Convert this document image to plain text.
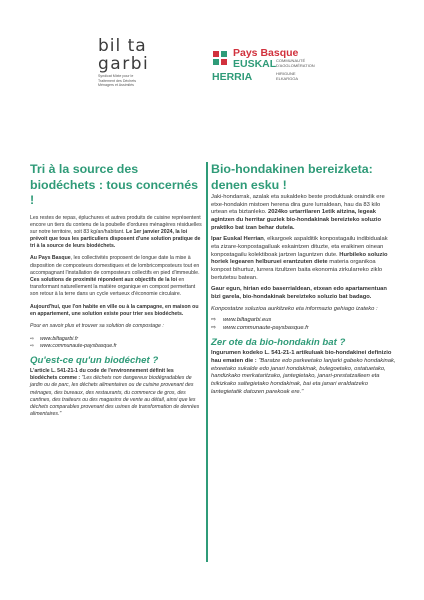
bil ta
garbi
Syndicat Mixte pour le
Traitement des Déchets
Ménagers et Assimilés
Pays Basque
EUSKAL
HERRIA
COMMUNAUTÉ
D'AGGLOMÉRATION
HIRIGUNE
ELKARGOA
Tri à la source des biodéchets : tous concernés !

Les restes de repas, épluchures et autres produits de cuisine représentent encore un tiers du contenu de la poubelle d'ordures ménagères résiduelles sur notre territoire, soit 83 kg/an/habitant. Le 1er janvier 2024, la loi prévoit que tous les particuliers disposent d'une solution pratique de tri à la source de leurs biodéchets.

Au Pays Basque, les collectivités proposent de longue date la mise à disposition de composteurs domestiques et de lombricomposteurs tout en accompagnant l'installation de composteurs collectifs en pied d'immeuble. Ces solutions de proximité répondent aux objectifs de la loi en transformant naturellement la matière organique en compost permettant son retour à la terre dans un cycle vertueux d'économie circulaire.

Aujourd'hui, que l'on habite en ville ou à la campagne, en maison ou en appartement, une solution existe pour trier ses biodéchets.

Pour en savoir plus et trouver sa solution de compostage :

⇨ www.biltagarbi.fr
⇨ www.communaute-paysbasque.fr
Qu'est-ce qu'un biodéchet ?

L'article L. 541-21-1 du code de l'environnement définit les biodéchets comme : "Les déchets non dangereux biodégradables de jardin ou de parc, les déchets alimentaires ou de cuisine provenant des ménages, des bureaux, des restaurants, du commerce de gros, des cantines, des traiteurs ou des magasins de vente au détail, ainsi que les déchets comparables provenant des usines de transformation de denrées alimentaires."

Bio-hondakinen bereizketa: denen esku !

Jaki-hondarrak, azalak eta sukaldeko beste produktuak oraindik ere etxe-hondakin mistoen herena dira gure lurraldean, hau da 83 kilo urtean eta biztanleko. 2024ko urtarrilaren 1etik aitzina, legeak agintzen du herritar guziek bio-hondakinak bereizteko soluzio praktiko bat izan behar dutela.

Ipar Euskal Herrian, elkargoek aspalditik konpostagailu indibidualak eta zizare-konpostagailuak eskaintzen dituzte, eta eraikinen oinean konpostagailu kolektiboak jartzen laguntzen dute. Hurbileko soluzio horiek legearen helburuei erantzuten diete materia organikoa konpost bihurtuz, lurrera itzultzen baita ekonomia zirkularreko ziklo bertutetsu batean.

Gaur egun, hirian edo baserrialdean, etxean edo apartamentuan bizi garela, bio-hondakinak bereizteko soluzio bat badago.

Konpostatze soluzioa aurkitzeko eta informazio gehiago izateko :

⇨ www.biltagarbi.eus
⇨ www.communaute-paysbasque.fr
Zer ote da bio-hondakin bat ?

Ingurumen kodeko L. 541-21-1 artikuluak bio-hondakinei definizio hau ematen die : "Baratze edo parkeetako lanjarki gabeko hondakinak, etxeetako sukalde edo janari hondakinak, bulegoetako, ostatuetako, handizkako merkataritzako, jantegietako, janari-prestatzaileen eta txikizkako saltegietako hondakinak, bai eta janari eraldatzeko lantegietatik datozen parekoak ere."
